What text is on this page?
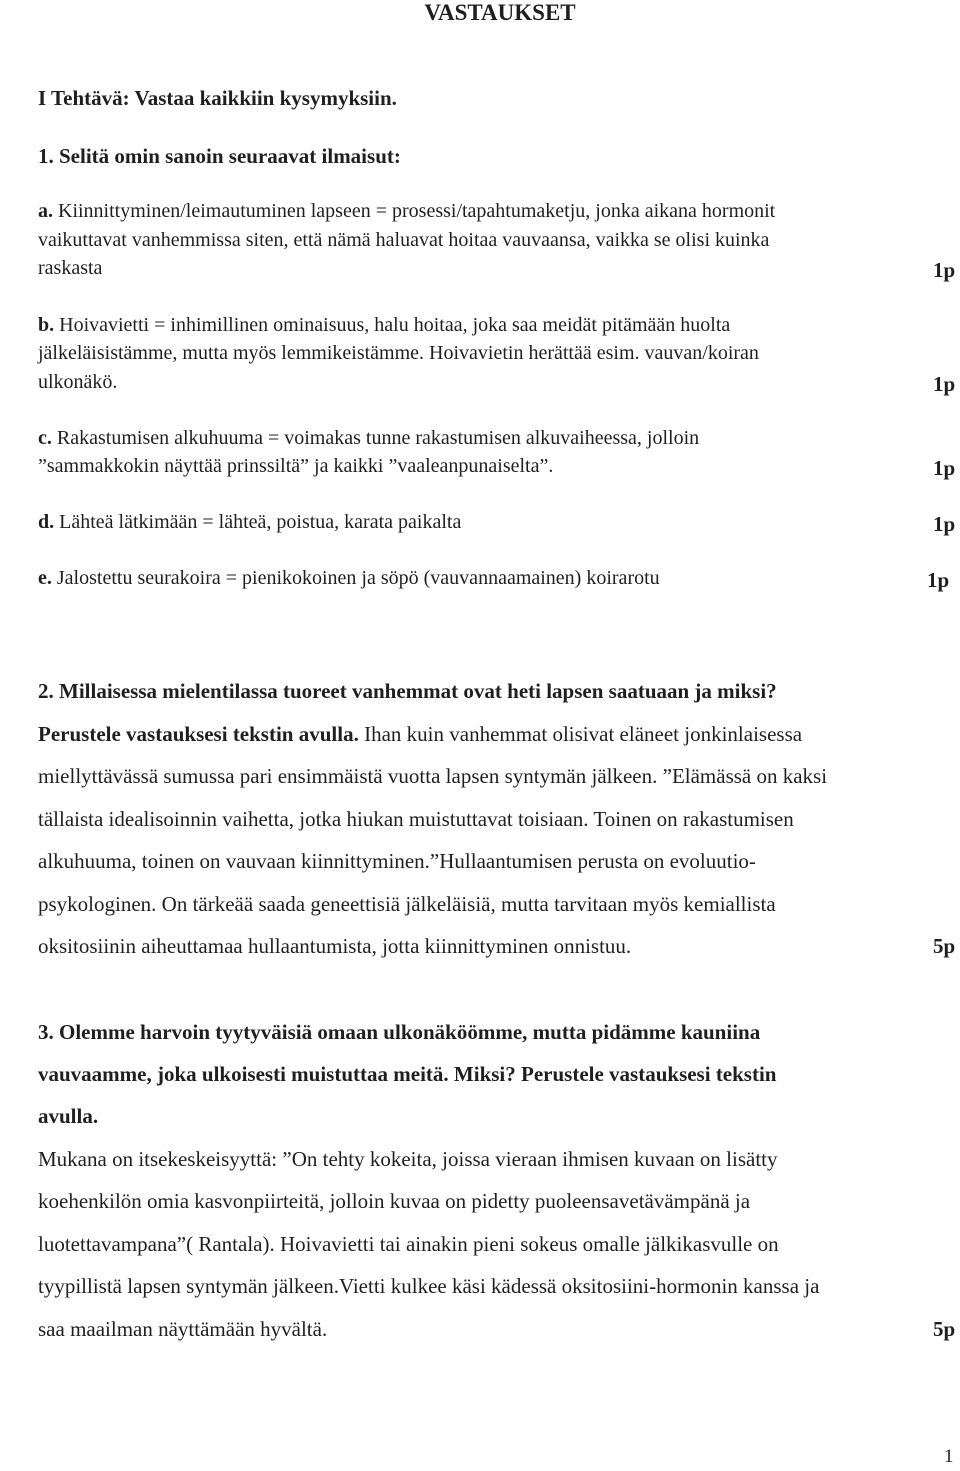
VASTAUKSET
I Tehtävä: Vastaa kaikkiin kysymyksiin.
1. Selitä omin sanoin seuraavat ilmaisut:
a. Kiinnittyminen/leimautuminen lapseen = prosessi/tapahtumaketju, jonka aikana hormonit
vaikuttavat vanhemmissa siten, että nämä haluavat hoitaa vauvaansa, vaikka se olisi kuinka
raskasta	1p
b. Hoivavietti = inhimillinen ominaisuus, halu hoitaa, joka saa meidät pitämään huolta
jälkeläisistämme, mutta myös lemmikeistämme. Hoivavietin herättää esim. vauvan/koiran
ulkonäkö.	1p
c. Rakastumisen alkuhuuma = voimakas tunne rakastumisen alkuvaiheessa, jolloin
”sammakkokin näyttää prinssiltä” ja kaikki ”vaaleanpunaiselta”.	1p
d. Lähteä lätkimään = lähteä, poistua, karata paikalta	1p
e. Jalostettu seurakoira = pienikokoinen ja söpö (vauvannaamainen) koirarotu	1p
2. Millaisessa mielentilassa tuoreet vanhemmat ovat heti lapsen saatuaan ja miksi?
Perustele vastauksesi tekstin avulla. Ihan kuin vanhemmat olisivat eläneet jonkinlaisessa
miellyttävässä sumussa pari ensimmäistä vuotta lapsen syntymän jälkeen. ”Elämässä on kaksi
tällaista idealisoinnin vaihetta, jotka hiukan muistuttavat toisiaan. Toinen on rakastumisen
alkuhuuma, toinen on vauvaan kiinnittyminen.”Hullaantumisen perusta on evoluutio-
psykologinen. On tärkeää saada geneettisiä jälkeläisiä, mutta tarvitaan myös kemiallista
oksitosiinin aiheuttamaa hullaantumista, jotta kiinnittyminen onnistuu.	5p
3. Olemme harvoin tyytyväisiä omaan ulkonäköömme, mutta pidämme kauniina
vauvaamme, joka ulkoisesti muistuttaa meitä. Miksi? Perustele vastauksesi tekstin
avulla.
Mukana on itsekeskeisyyttä: ”On tehty kokeita, joissa vieraan ihmisen kuvaan on lisätty
koehenkilön omia kasvonpiirteitä, jolloin kuvaa on pidetty puoleensavetävämpänä ja
luotettavampana”( Rantala). Hoivavietti tai ainakin pieni sokeus omalle jälkikasvulle on
tyypillistä lapsen syntymän jälkeen.Vietti kulkee käsi kädessä oksitosiini-hormonin kanssa ja
saa maailman näyttämään hyvältä.	5p
1
